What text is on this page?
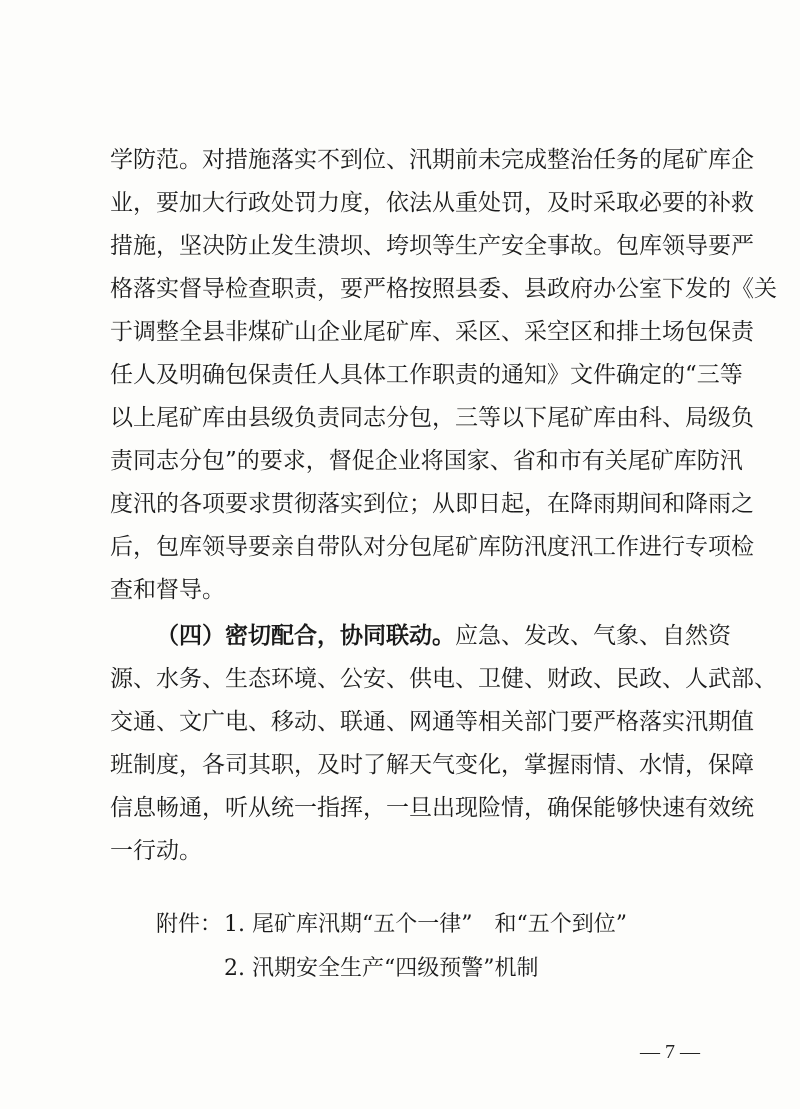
学防范。对措施落实不到位、汛期前未完成整治任务的尾矿库企
业，要加大行政处罚力度，依法从重处罚，及时采取必要的补救
措施，坚决防止发生溃坝、垮坝等生产安全事故。包库领导要严
格落实督导检查职责，要严格按照县委、县政府办公室下发的《关
于调整全县非煤矿山企业尾矿库、采区、采空区和排土场包保责
任人及明确包保责任人具体工作职责的通知》文件确定的“三等
以上尾矿库由县级负责同志分包，三等以下尾矿库由科、局级负
责同志分包”的要求，督促企业将国家、省和市有关尾矿库防汛
度汛的各项要求贯彻落实到位；从即日起，在降雨期间和降雨之
后，包库领导要亲自带队对分包尾矿库防汛度汛工作进行专项检
查和督导。
（四）密切配合，协同联动。应急、发改、气象、自然资
源、水务、生态环境、公安、供电、卫健、财政、民政、人武部、
交通、文广电、移动、联通、网通等相关部门要严格落实汛期值
班制度，各司其职，及时了解天气变化，掌握雨情、水情，保障
信息畅通，听从统一指挥，一旦出现险情，确保能够快速有效统
一行动。
附件： 1. 尾矿库汛期“五个一律”　和“五个到位”
2. 汛期安全生产“四级预警”机制
— 7 —
